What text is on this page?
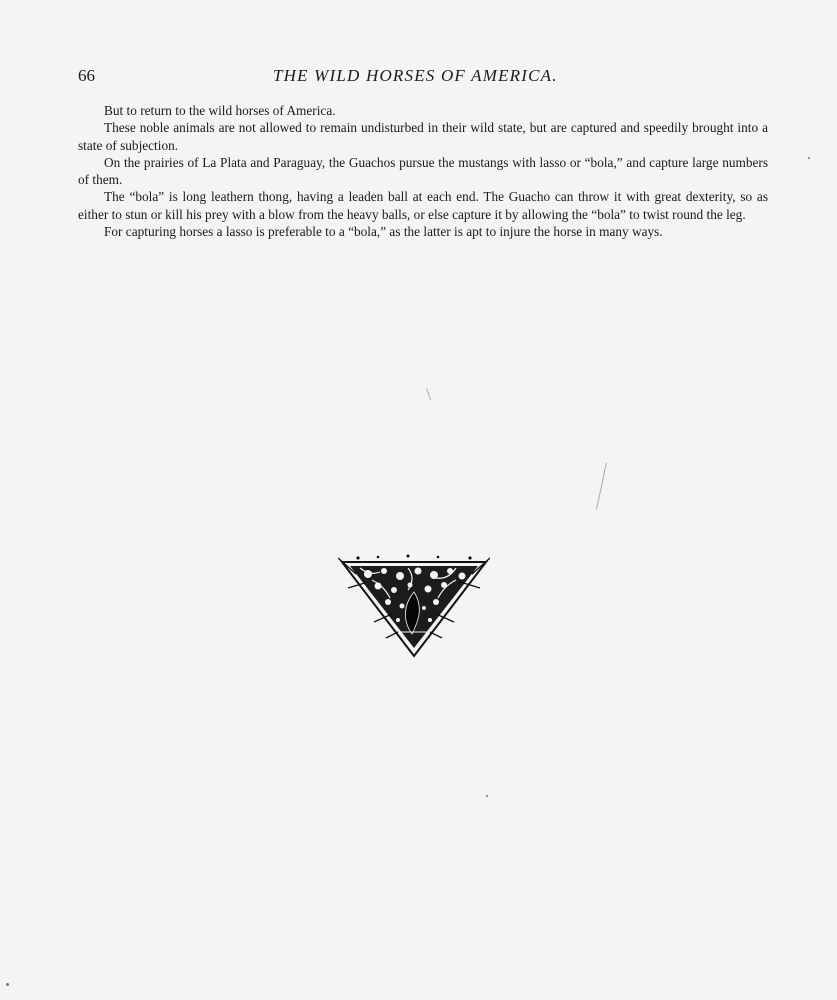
66	THE WILD HORSES OF AMERICA.

But to return to the wild horses of America.

These noble animals are not allowed to remain undisturbed in their wild state, but are captured and speedily brought into a state of subjection.

On the prairies of La Plata and Paraguay, the Guachos pursue the mustangs with lasso or “bola,” and capture large numbers of them.

The “bola” is long leathern thong, having a leaden ball at each end. The Guacho can throw it with great dexterity, so as either to stun or kill his prey with a blow from the heavy balls, or else capture it by allowing the “bola” to twist round the leg.

For capturing horses a lasso is preferable to a “bola,” as the latter is apt to injure the horse in many ways.
